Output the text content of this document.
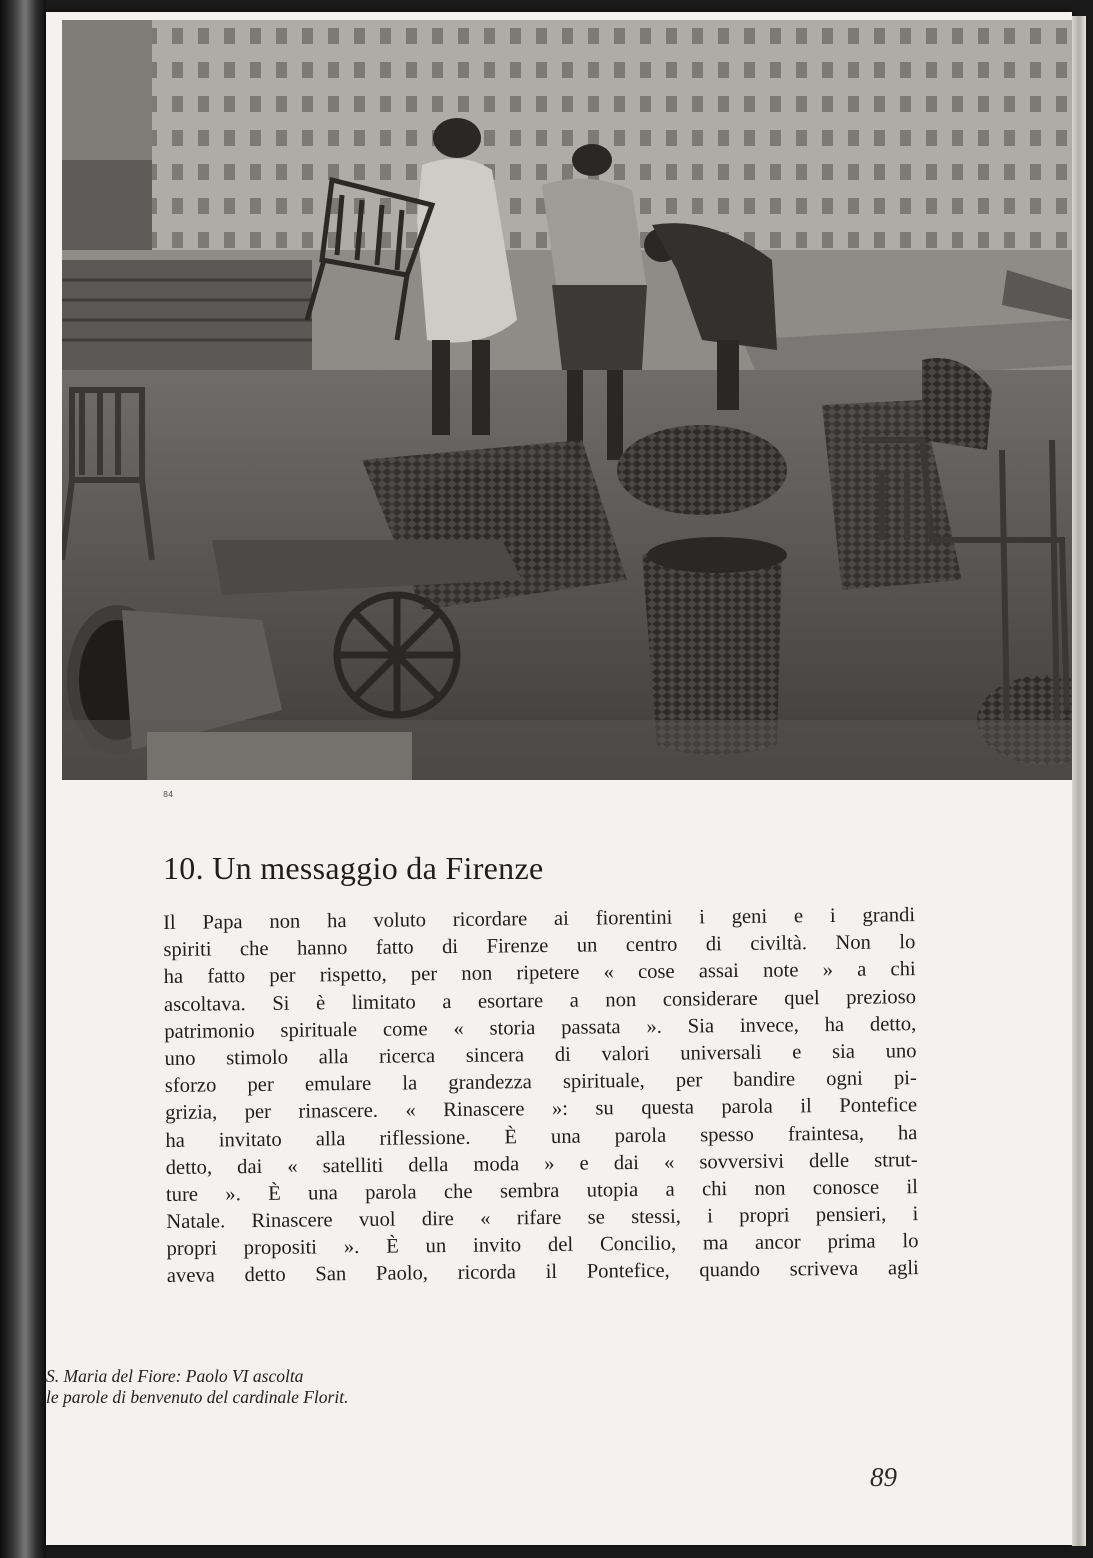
84
10. Un messaggio da Firenze
Il Papa non ha voluto ricordare ai fiorentini i geni e i grandi
spiriti che hanno fatto di Firenze un centro di civiltà. Non lo
ha fatto per rispetto, per non ripetere « cose assai note » a chi
ascoltava. Si è limitato a esortare a non considerare quel prezioso
patrimonio spirituale come « storia passata ». Sia invece, ha detto,
uno stimolo alla ricerca sincera di valori universali e sia uno
sforzo per emulare la grandezza spirituale, per bandire ogni pi-
grizia, per rinascere. « Rinascere »: su questa parola il Pontefice
ha invitato alla riflessione. È una parola spesso fraintesa, ha
detto, dai « satelliti della moda » e dai « sovversivi delle strut-
ture ». È una parola che sembra utopia a chi non conosce il
Natale. Rinascere vuol dire « rifare se stessi, i propri pensieri, i
propri propositi ». È un invito del Concilio, ma ancor prima lo
aveva detto San Paolo, ricorda il Pontefice, quando scriveva agli
S. Maria del Fiore: Paolo VI ascolta
le parole di benvenuto del cardinale Florit.
89
